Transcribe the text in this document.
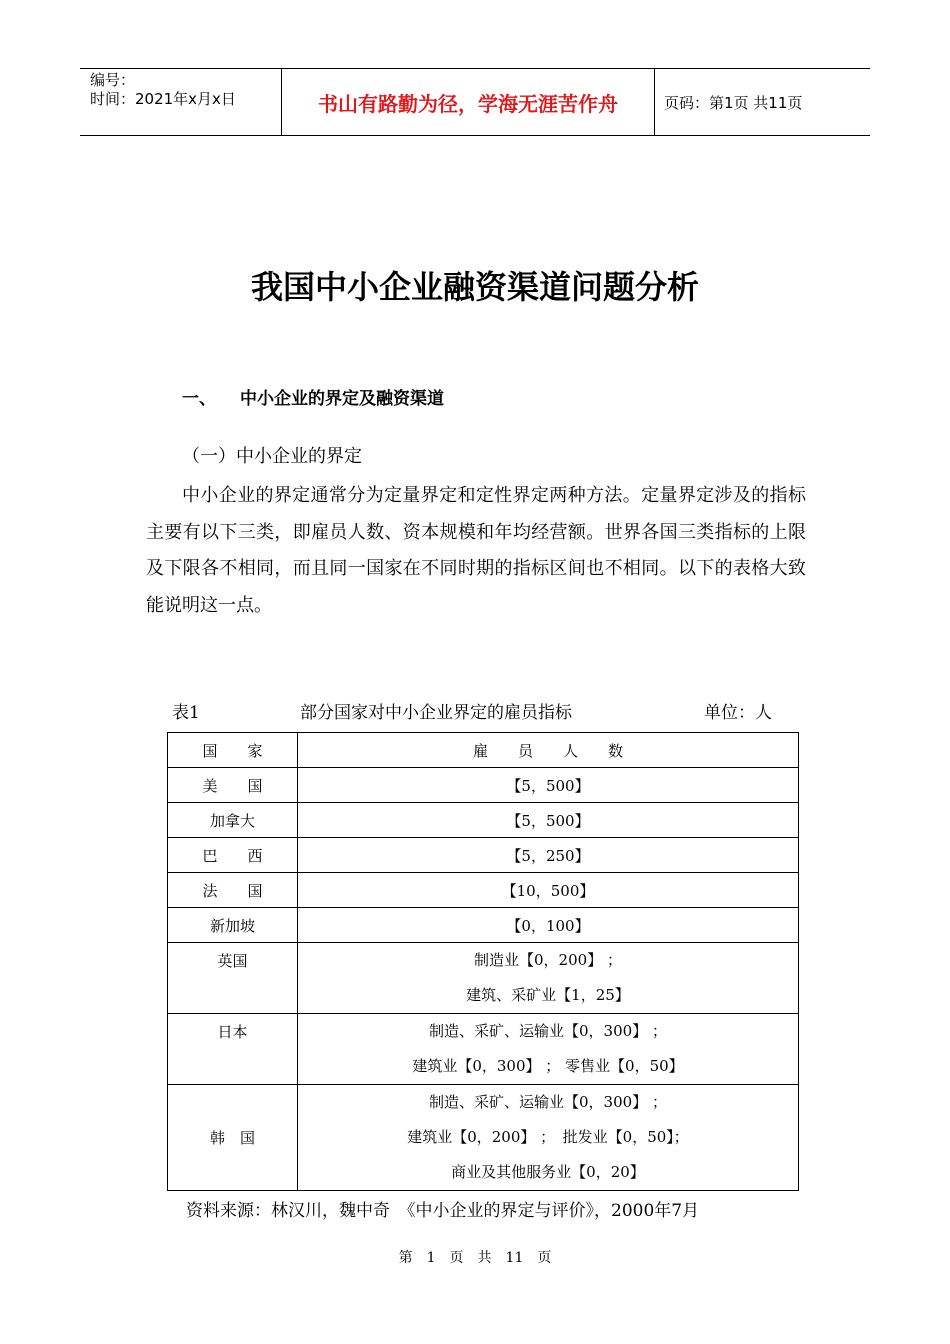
编号：
时间：2021年x月x日	书山有路勤为径，学海无涯苦作舟	页码：第1页 共11页
我国中小企业融资渠道问题分析
一、 中小企业的界定及融资渠道
（一）中小企业的界定
中小企业的界定通常分为定量界定和定性界定两种方法。定量界定涉及的指标主要有以下三类，即雇员人数、资本规模和年均经营额。世界各国三类指标的上限及下限各不相同，而且同一国家在不同时期的指标区间也不相同。以下的表格大致能说明这一点。
表1	部分国家对中小企业界定的雇员指标	单位：人
国　　家	雇　　员　　人　　数
美　　国	【5，500】
加拿大	【5，500】
巴　　西	【5，250】
法　　国	【10，500】
新加坡	【0，100】
英国	制造业【0，200】 ；
建筑、采矿业【1，25】

日本	制造、采矿、运输业【0，300】 ；
建筑业【0，300】 ； 零售业【0，50】

韩　国	制造、采矿、运输业【0，300】 ；
建筑业【0，200】 ；　批发业【0，50】；
商业及其他服务业【0，20】
资料来源：林汉川，魏中奇　《中小企业的界定与评价》，2000年7月
第　1　页　共　11　页
